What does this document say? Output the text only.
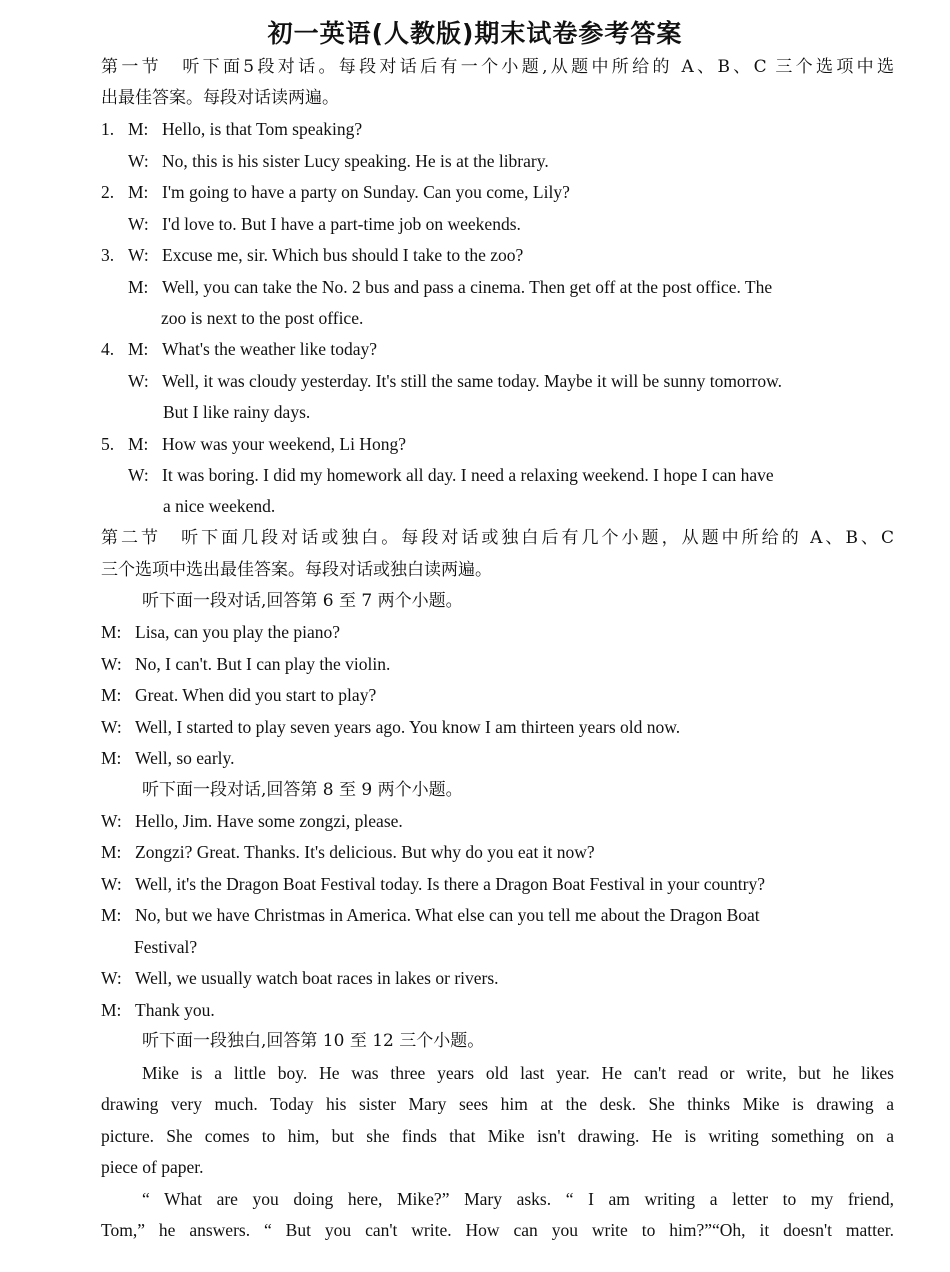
初一英语(人教版)期末试卷参考答案
第一节　听下面5段对话。每段对话后有一个小题,从题中所给的 A、B、C 三个选项中选
出最佳答案。每段对话读两遍。
1. M: Hello, is that Tom speaking?
W: No, this is his sister Lucy speaking. He is at the library.
2. M: I'm going to have a party on Sunday. Can you come, Lily?
W: I'd love to. But I have a part-time job on weekends.
3. W: Excuse me, sir. Which bus should I take to the zoo?
M: Well, you can take the No. 2 bus and pass a cinema. Then get off at the post office. The
zoo is next to the post office.
4. M: What's the weather like today?
W: Well, it was cloudy yesterday. It's still the same today. Maybe it will be sunny tomorrow.
But I like rainy days.
5. M: How was your weekend, Li Hong?
W: It was boring. I did my homework all day. I need a relaxing weekend. I hope I can have
a nice weekend.
第二节　听下面几段对话或独白。每段对话或独白后有几个小题，从题中所给的 A、B、C
三个选项中选出最佳答案。每段对话或独白读两遍。
听下面一段对话,回答第 6 至 7 两个小题。
M: Lisa, can you play the piano?
W: No, I can't. But I can play the violin.
M: Great. When did you start to play?
W: Well, I started to play seven years ago. You know I am thirteen years old now.
M: Well, so early.
听下面一段对话,回答第 8 至 9 两个小题。
W: Hello, Jim. Have some zongzi, please.
M: Zongzi? Great. Thanks. It's delicious. But why do you eat it now?
W: Well, it's the Dragon Boat Festival today. Is there a Dragon Boat Festival in your country?
M: No, but we have Christmas in America. What else can you tell me about the Dragon Boat
Festival?
W: Well, we usually watch boat races in lakes or rivers.
M: Thank you.
听下面一段独白,回答第 10 至 12 三个小题。
Mike is a little boy. He was three years old last year. He can't read or write, but he likes
drawing very much. Today his sister Mary sees him at the desk. She thinks Mike is drawing a
picture. She comes to him, but she finds that Mike isn't drawing. He is writing something on a
piece of paper.
“ What are you doing here, Mike?” Mary asks. “ I am writing a letter to my friend,
Tom,” he answers. “ But you can't write. How can you write to him?”“Oh, it doesn't matter.
